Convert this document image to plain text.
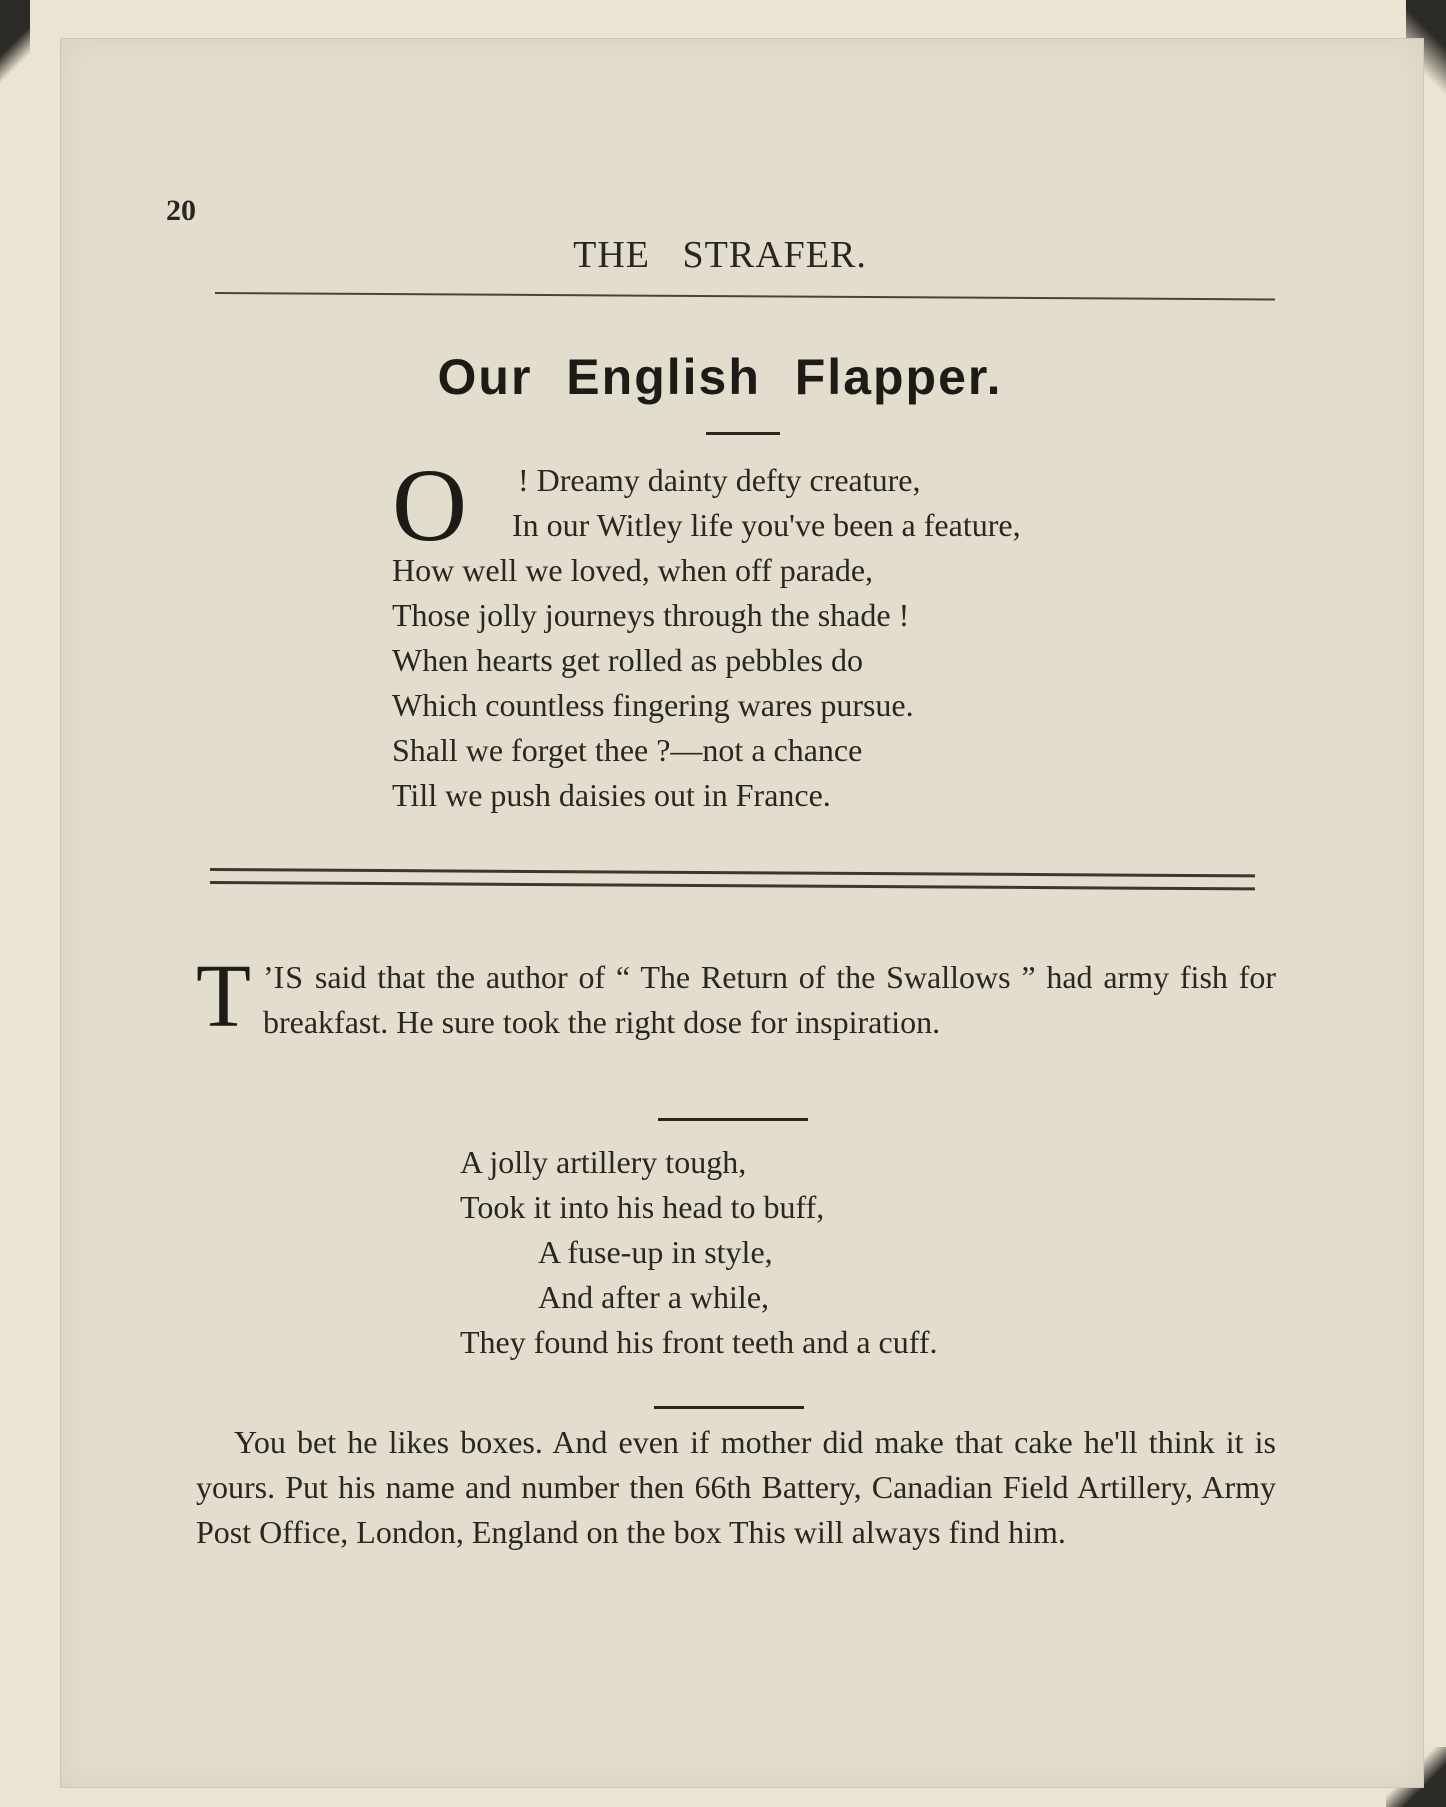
20

THE STRAFER.

Our English Flapper.
O	! Dreamy dainty defty creature,
In our Witley life you've been a feature,
How well we loved, when off parade,
Those jolly journeys through the shade !
When hearts get rolled as pebbles do
Which countless fingering wares pursue.
Shall we forget thee ?—not a chance
Till we push daisies out in France.

’
T IS said that the author of “ The Return of the Swallows ” had army fish for breakfast. He sure took the right dose for inspiration.

A jolly artillery tough,
Took it into his head to buff,
A fuse-up in style,
And after a while,
They found his front teeth and a cuff.

You bet he likes boxes. And even if mother did make that cake he'll think it is yours. Put his name and number then 66th Battery, Canadian Field Artillery, Army Post Office, London, England on the box This will always find him.
